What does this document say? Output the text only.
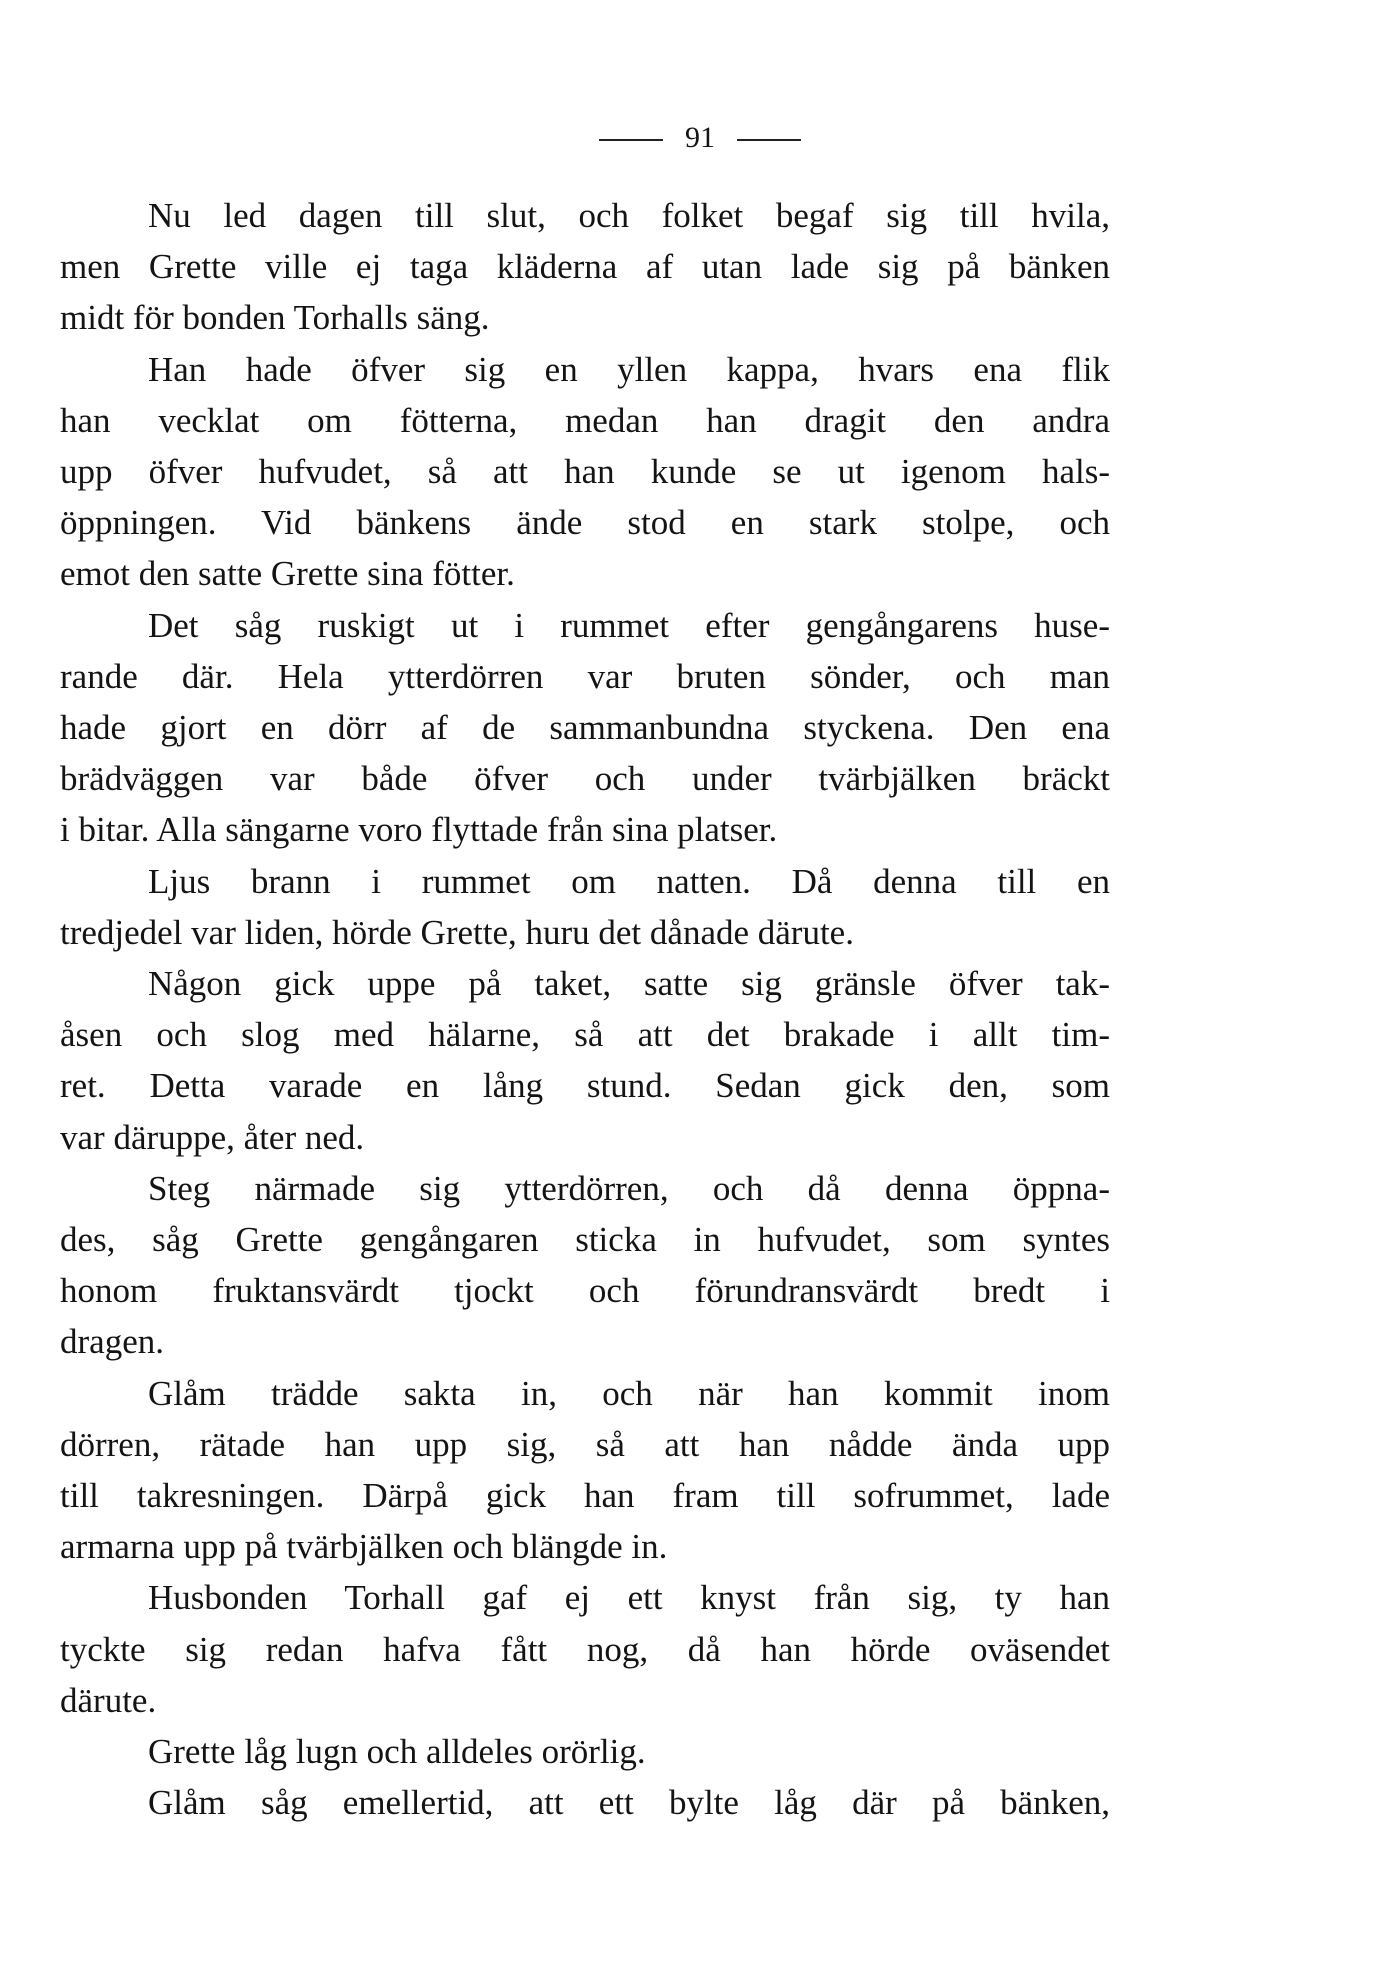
91

Nu led dagen till slut, och folket begaf sig till hvila,

men Grette ville ej taga kläderna af utan lade sig på bänken

midt för bonden Torhalls säng.

Han hade öfver sig en yllen kappa, hvars ena flik

han vecklat om fötterna, medan han dragit den andra

upp öfver hufvudet, så att han kunde se ut igenom hals-

öppningen. Vid bänkens ände stod en stark stolpe, och

emot den satte Grette sina fötter.

Det såg ruskigt ut i rummet efter gengångarens huse-

rande där. Hela ytterdörren var bruten sönder, och man

hade gjort en dörr af de sammanbundna styckena. Den ena

brädväggen var både öfver och under tvärbjälken bräckt

i bitar. Alla sängarne voro flyttade från sina platser.

Ljus brann i rummet om natten. Då denna till en

tredjedel var liden, hörde Grette, huru det dånade därute.

Någon gick uppe på taket, satte sig gränsle öfver tak-

åsen och slog med hälarne, så att det brakade i allt tim-

ret. Detta varade en lång stund. Sedan gick den, som

var däruppe, åter ned.

Steg närmade sig ytterdörren, och då denna öppna-

des, såg Grette gengångaren sticka in hufvudet, som syntes

honom fruktansvärdt tjockt och förundransvärdt bredt i

dragen.

Glåm trädde sakta in, och när han kommit inom

dörren, rätade han upp sig, så att han nådde ända upp

till takresningen. Därpå gick han fram till sofrummet, lade

armarna upp på tvärbjälken och blängde in.

Husbonden Torhall gaf ej ett knyst från sig, ty han

tyckte sig redan hafva fått nog, då han hörde oväsendet

därute.

Grette låg lugn och alldeles orörlig.

Glåm såg emellertid, att ett bylte låg där på bänken,
